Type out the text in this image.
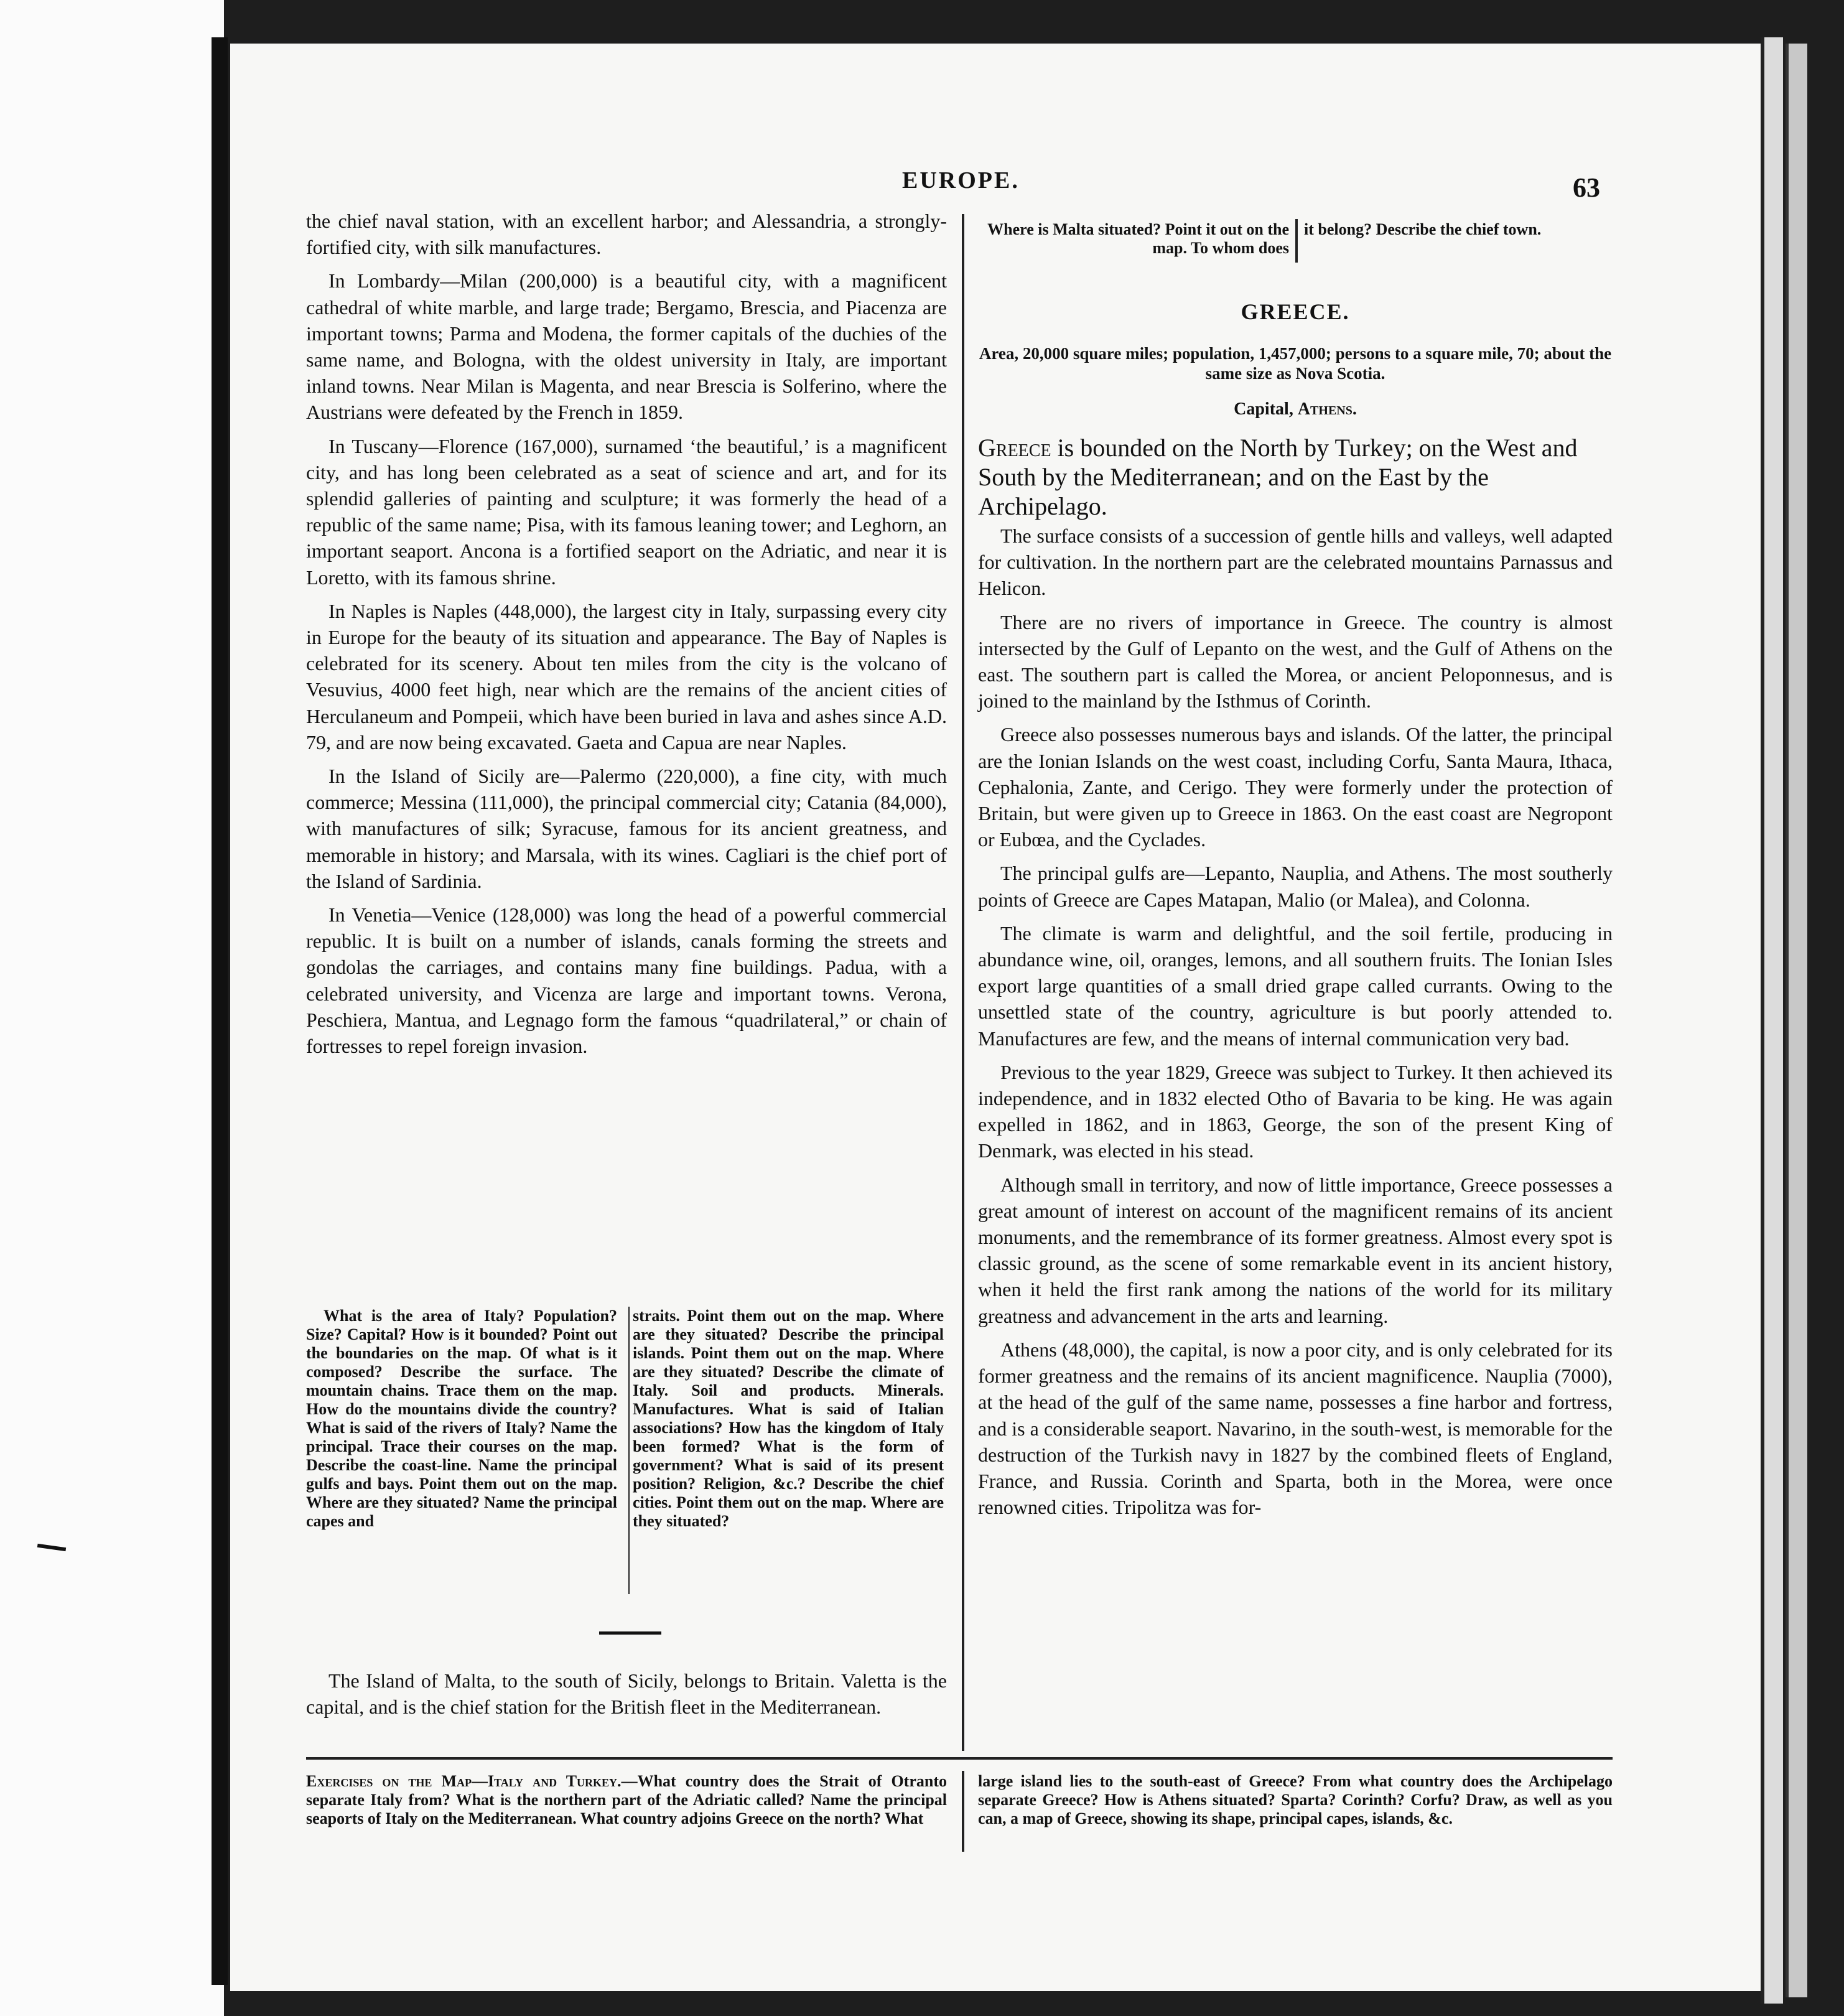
EUROPE.	63

the chief naval station, with an excellent harbor; and Alessandria, a strongly-fortified city, with silk manufactures.

In Lombardy—Milan (200,000) is a beautiful city, with a magnificent cathedral of white marble, and large trade; Bergamo, Brescia, and Piacenza are important towns; Parma and Modena, the former capitals of the duchies of the same name, and Bologna, with the oldest university in Italy, are important inland towns. Near Milan is Magenta, and near Brescia is Solferino, where the Austrians were defeated by the French in 1859.

In Tuscany—Florence (167,000), surnamed ‘the beautiful,’ is a magnificent city, and has long been celebrated as a seat of science and art, and for its splendid galleries of painting and sculpture; it was formerly the head of a republic of the same name; Pisa, with its famous leaning tower; and Leghorn, an important seaport. Ancona is a fortified seaport on the Adriatic, and near it is Loretto, with its famous shrine.

In Naples is Naples (448,000), the largest city in Italy, surpassing every city in Europe for the beauty of its situation and appearance. The Bay of Naples is celebrated for its scenery. About ten miles from the city is the volcano of Vesuvius, 4000 feet high, near which are the remains of the ancient cities of Herculaneum and Pompeii, which have been buried in lava and ashes since A.D. 79, and are now being excavated. Gaeta and Capua are near Naples.

In the Island of Sicily are—Palermo (220,000), a fine city, with much commerce; Messina (111,000), the principal commercial city; Catania (84,000), with manufactures of silk; Syracuse, famous for its ancient greatness, and memorable in history; and Marsala, with its wines. Cagliari is the chief port of the Island of Sardinia.

In Venetia—Venice (128,000) was long the head of a powerful commercial republic. It is built on a number of islands, canals forming the streets and gondolas the carriages, and contains many fine buildings. Padua, with a celebrated university, and Vicenza are large and important towns. Verona, Peschiera, Mantua, and Legnago form the famous “quadrilateral,” or chain of fortresses to repel foreign invasion.

What is the area of Italy? Population? Size? Capital? How is it bounded? Point out the boundaries on the map. Of what is it composed? Describe the surface. The mountain chains. Trace them on the map. How do the mountains divide the country? What is said of the rivers of Italy? Name the principal. Trace their courses on the map. Describe the coast-line. Name the principal gulfs and bays. Point them out on the map. Where are they situated? Name the principal capes and
straits. Point them out on the map. Where are they situated? Describe the principal islands. Point them out on the map. Where are they situated? Describe the climate of Italy. Soil and products. Minerals. Manufactures. What is said of Italian associations? How has the kingdom of Italy been formed? What is the form of government? What is said of its present position? Religion, &c.? Describe the chief cities. Point them out on the map. Where are they situated?
The Island of Malta, to the south of Sicily, belongs to Britain. Valetta is the capital, and is the chief station for the British fleet in the Mediterranean.
Where is Malta situated? Point it out on the map. To whom does
it belong? Describe the chief town.
GREECE.
Area, 20,000 square miles; population, 1,457,000; persons to a square mile, 70; about the same size as Nova Scotia.
Capital, Athens.
Greece is bounded on the North by Turkey; on the West and South by the Mediterranean; and on the East by the Archipelago.

The surface consists of a succession of gentle hills and valleys, well adapted for cultivation. In the northern part are the celebrated mountains Parnassus and Helicon.

There are no rivers of importance in Greece. The country is almost intersected by the Gulf of Lepanto on the west, and the Gulf of Athens on the east. The southern part is called the Morea, or ancient Peloponnesus, and is joined to the mainland by the Isthmus of Corinth.

Greece also possesses numerous bays and islands. Of the latter, the principal are the Ionian Islands on the west coast, including Corfu, Santa Maura, Ithaca, Cephalonia, Zante, and Cerigo. They were formerly under the protection of Britain, but were given up to Greece in 1863. On the east coast are Negropont or Eubœa, and the Cyclades.

The principal gulfs are—Lepanto, Nauplia, and Athens. The most southerly points of Greece are Capes Matapan, Malio (or Malea), and Colonna.

The climate is warm and delightful, and the soil fertile, producing in abundance wine, oil, oranges, lemons, and all southern fruits. The Ionian Isles export large quantities of a small dried grape called currants. Owing to the unsettled state of the country, agriculture is but poorly attended to. Manufactures are few, and the means of internal communication very bad.

Previous to the year 1829, Greece was subject to Turkey. It then achieved its independence, and in 1832 elected Otho of Bavaria to be king. He was again expelled in 1862, and in 1863, George, the son of the present King of Denmark, was elected in his stead.

Although small in territory, and now of little importance, Greece possesses a great amount of interest on account of the magnificent remains of its ancient monuments, and the remembrance of its former greatness. Almost every spot is classic ground, as the scene of some remarkable event in its ancient history, when it held the first rank among the nations of the world for its military greatness and advancement in the arts and learning.

Athens (48,000), the capital, is now a poor city, and is only celebrated for its former greatness and the remains of its ancient magnificence. Nauplia (7000), at the head of the gulf of the same name, possesses a fine harbor and fortress, and is a considerable seaport. Navarino, in the south-west, is memorable for the destruction of the Turkish navy in 1827 by the combined fleets of England, France, and Russia. Corinth and Sparta, both in the Morea, were once renowned cities. Tripolitza was for-

Exercises on the Map—Italy and Turkey.—What country does the Strait of Otranto separate Italy from? What is the northern part of the Adriatic called? Name the principal seaports of Italy on the Mediterranean. What country adjoins Greece on the north? What
large island lies to the south-east of Greece? From what country does the Archipelago separate Greece? How is Athens situated? Sparta? Corinth? Corfu? Draw, as well as you can, a map of Greece, showing its shape, principal capes, islands, &c.
